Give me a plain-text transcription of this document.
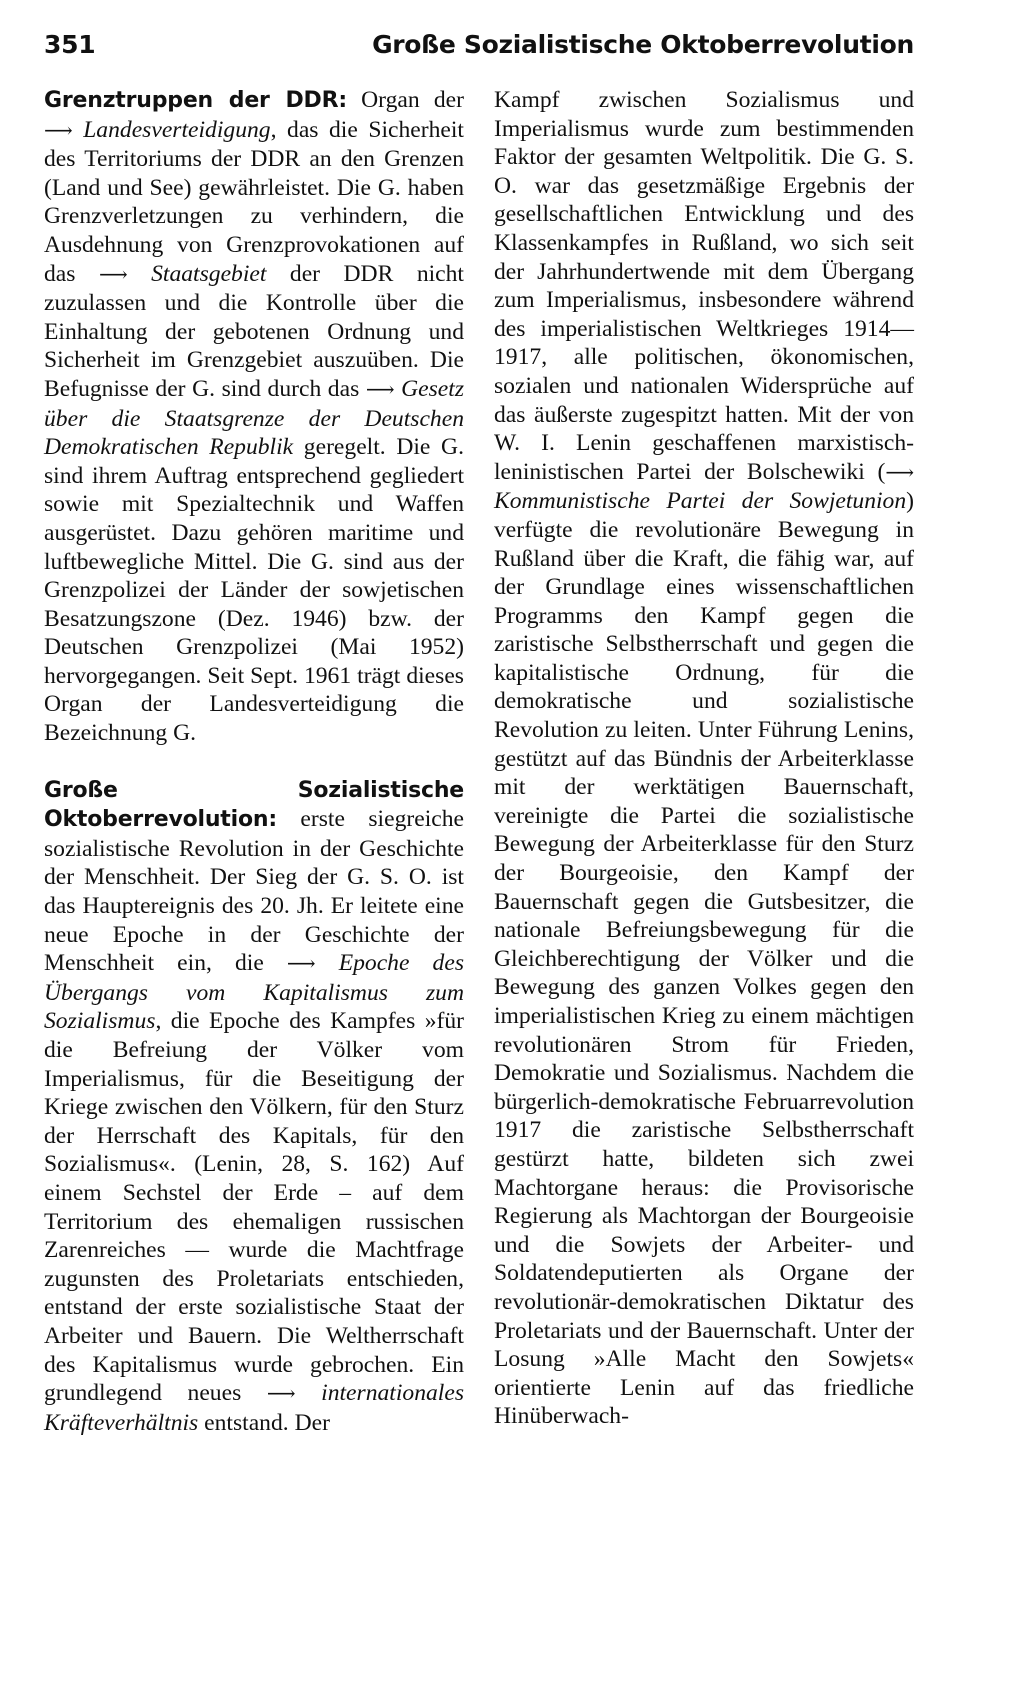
351	Große Sozialistische Oktoberrevolution

Grenztruppen der DDR: Organ der ⟶ Landesverteidigung, das die Sicherheit des Territoriums der DDR an den Grenzen (Land und See) gewährleistet. Die G. haben Grenzverletzungen zu verhindern, die Ausdehnung von Grenzprovokationen auf das ⟶ Staatsgebiet der DDR nicht zuzulassen und die Kontrolle über die Einhaltung der gebotenen Ordnung und Sicherheit im Grenzgebiet auszuüben. Die Befugnisse der G. sind durch das ⟶ Gesetz über die Staatsgrenze der Deutschen Demokratischen Republik geregelt. Die G. sind ihrem Auftrag entsprechend gegliedert sowie mit Spezialtechnik und Waffen ausgerüstet. Dazu gehören maritime und luftbewegliche Mittel. Die G. sind aus der Grenzpolizei der Länder der sowjetischen Besatzungszone (Dez. 1946) bzw. der Deutschen Grenzpolizei (Mai 1952) hervorgegangen. Seit Sept. 1961 trägt dieses Organ der Landesverteidigung die Bezeichnung G.

Große Sozialistische Oktoberrevolution: erste siegreiche sozialistische Revolution in der Geschichte der Menschheit. Der Sieg der G. S. O. ist das Hauptereignis des 20. Jh. Er leitete eine neue Epoche in der Geschichte der Menschheit ein, die ⟶ Epoche des Übergangs vom Kapitalismus zum Sozialismus, die Epoche des Kampfes »für die Befreiung der Völker vom Imperialismus, für die Beseitigung der Kriege zwischen den Völkern, für den Sturz der Herrschaft des Kapitals, für den Sozialismus«. (Lenin, 28, S. 162) Auf einem Sechstel der Erde – auf dem Territorium des ehemaligen russischen Zarenreiches — wurde die Machtfrage zugunsten des Proletariats entschieden, entstand der erste sozialistische Staat der Arbeiter und Bauern. Die Weltherrschaft des Kapitalismus wurde gebrochen. Ein grundlegend neues ⟶ internationales Kräfteverhältnis entstand. Der

Kampf zwischen Sozialismus und Imperialismus wurde zum bestimmenden Faktor der gesamten Weltpolitik. Die G. S. O. war das gesetzmäßige Ergebnis der gesellschaftlichen Entwicklung und des Klassenkampfes in Rußland, wo sich seit der Jahrhundertwende mit dem Übergang zum Imperialismus, insbesondere während des imperialistischen Weltkrieges 1914—1917, alle politischen, ökonomischen, sozialen und nationalen Widersprüche auf das äußerste zugespitzt hatten. Mit der von W. I. Lenin geschaffenen marxistisch-leninistischen Partei der Bolschewiki (⟶ Kommunistische Partei der Sowjetunion) verfügte die revolutionäre Bewegung in Rußland über die Kraft, die fähig war, auf der Grundlage eines wissenschaftlichen Programms den Kampf gegen die zaristische Selbstherrschaft und gegen die kapitalistische Ordnung, für die demokratische und sozialistische Revolution zu leiten. Unter Führung Lenins, gestützt auf das Bündnis der Arbeiterklasse mit der werktätigen Bauernschaft, vereinigte die Partei die sozialistische Bewegung der Arbeiterklasse für den Sturz der Bourgeoisie, den Kampf der Bauernschaft gegen die Gutsbesitzer, die nationale Befreiungsbewegung für die Gleichberechtigung der Völker und die Bewegung des ganzen Volkes gegen den imperialistischen Krieg zu einem mächtigen revolutionären Strom für Frieden, Demokratie und Sozialismus. Nachdem die bürgerlich-demokratische Februarrevolution 1917 die zaristische Selbstherrschaft gestürzt hatte, bildeten sich zwei Machtorgane heraus: die Provisorische Regierung als Machtorgan der Bourgeoisie und die Sowjets der Arbeiter- und Soldatendeputierten als Organe der revolutionär-demokratischen Diktatur des Proletariats und der Bauernschaft. Unter der Losung »Alle Macht den Sowjets« orientierte Lenin auf das friedliche Hinüberwach-
